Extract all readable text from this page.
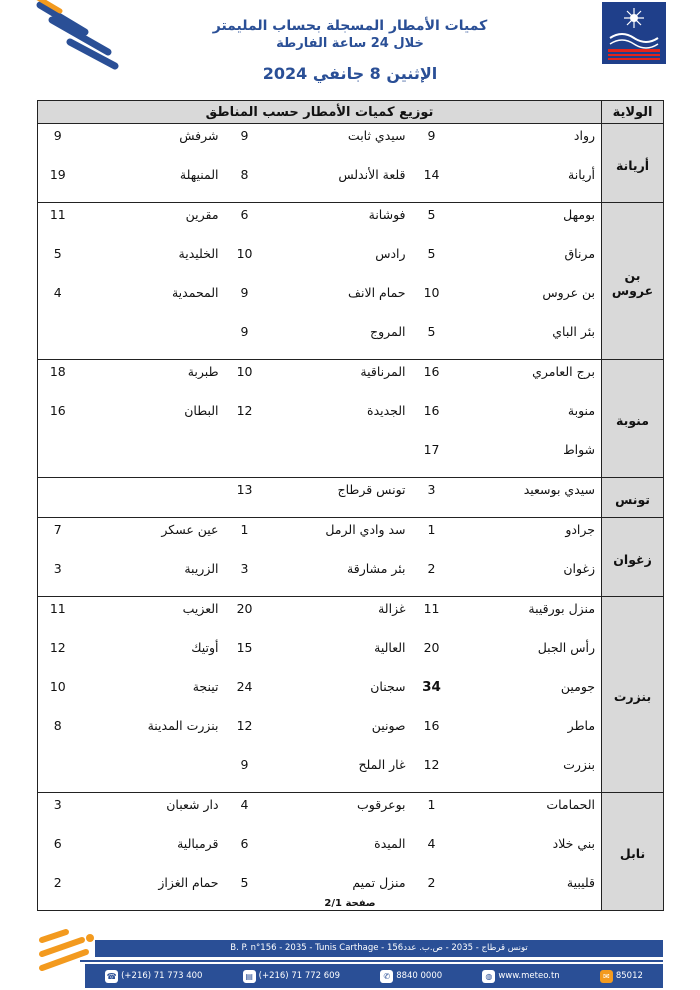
كميات الأمطار المسجلة بحساب المليمتر
خلال 24 ساعة الفارطة
الإثنين 8 جانفي 2024
الولاية	توزيع كميات الأمطار حسب المناطق					
أريانة	رواد	9	سيدي ثابت	9	شرفش	9
	أريانة	14	قلعة الأندلس	8	المنيهلة	19
بن عروس	بومهل	5	فوشانة	6	مقرين	11
	مرناق	5	رادس	10	الخليدية	5
	بن عروس	10	حمام الانف	9	المحمدية	4
	بئر الباي	5	المروج	9		
منوبة	برج العامري	16	المرناقية	10	طبربة	18
	منوبة	16	الجديدة	12	البطان	16
	شواط	17				
تونس	سيدي بوسعيد	3	تونس قرطاج	13		
زغوان	جرادو	1	سد وادي الرمل	1	عين عسكر	7
	زغوان	2	بئر مشارقة	3	الزريبة	3
بنزرت	منزل بورقيبة	11	غزالة	20	العزيب	11
	رأس الجبل	20	العالية	15	أوتيك	12
	جومين	34	سجنان	24	تينجة	10
	ماطر	16	صونين	12	بنزرت المدينة	8
	بنزرت	12	غار الملح	9		
نابل	الحمامات	1	بوعرقوب	4	دار شعبان	3
	بني خلاد	4	الميدة	6	قرمبالية	6
	قليبية	2	منزل تميم	5	حمام الغزاز	2
صفحة 2/1
B. P. n°156 - 2035 - Tunis Carthage - تونس قرطاج - 2035 - ص.ب. عدد156
☎ (+216) 71 773 400	▤ (+216) 71 772 609	✆ 8840 0000	◍ www.meteo.tn	✉ 85012
